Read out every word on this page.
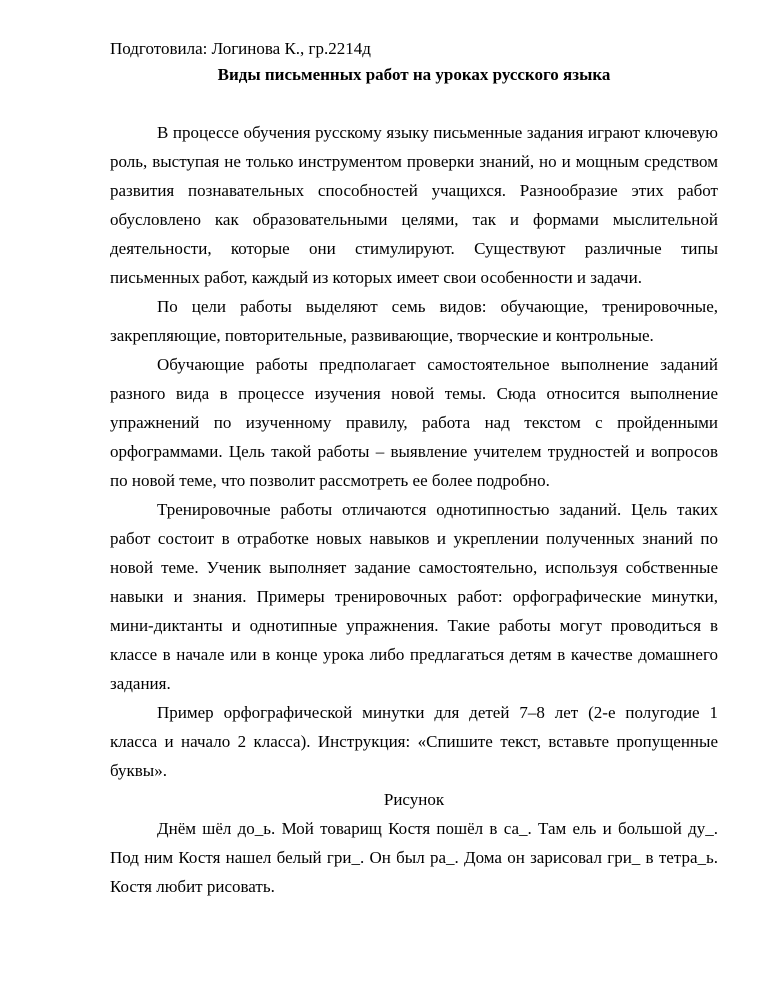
Подготовила: Логинова К., гр.2214д
Виды письменных работ на уроках русского языка

В процессе обучения русскому языку письменные задания играют ключевую роль, выступая не только инструментом проверки знаний, но и мощным средством развития познавательных способностей учащихся. Разнообразие этих работ обусловлено как образовательными целями, так и формами мыслительной деятельности, которые они стимулируют. Существуют различные типы письменных работ, каждый из которых имеет свои особенности и задачи.

По цели работы выделяют семь видов: обучающие, тренировочные, закрепляющие, повторительные, развивающие, творческие и контрольные.

Обучающие работы предполагает самостоятельное выполнение заданий разного вида в процессе изучения новой темы. Сюда относится выполнение упражнений по изученному правилу, работа над текстом с пройденными орфограммами. Цель такой работы – выявление учителем трудностей и вопросов по новой теме, что позволит рассмотреть ее более подробно.

Тренировочные работы отличаются однотипностью заданий. Цель таких работ состоит в отработке новых навыков и укреплении полученных знаний по новой теме. Ученик выполняет задание самостоятельно, используя собственные навыки и знания. Примеры тренировочных работ: орфографические минутки, мини-диктанты и однотипные упражнения. Такие работы могут проводиться в классе в начале или в конце урока либо предлагаться детям в качестве домашнего задания.

Пример орфографической минутки для детей 7–8 лет (2-е полугодие 1 класса и начало 2 класса). Инструкция: «Спишите текст, вставьте пропущенные буквы».

Рисунок

Днём шёл до_ь. Мой товарищ Костя пошёл в са_. Там ель и большой ду_. Под ним Костя нашел белый гри_. Он был ра_. Дома он зарисовал гри_ в тетра_ь. Костя любит рисовать.
